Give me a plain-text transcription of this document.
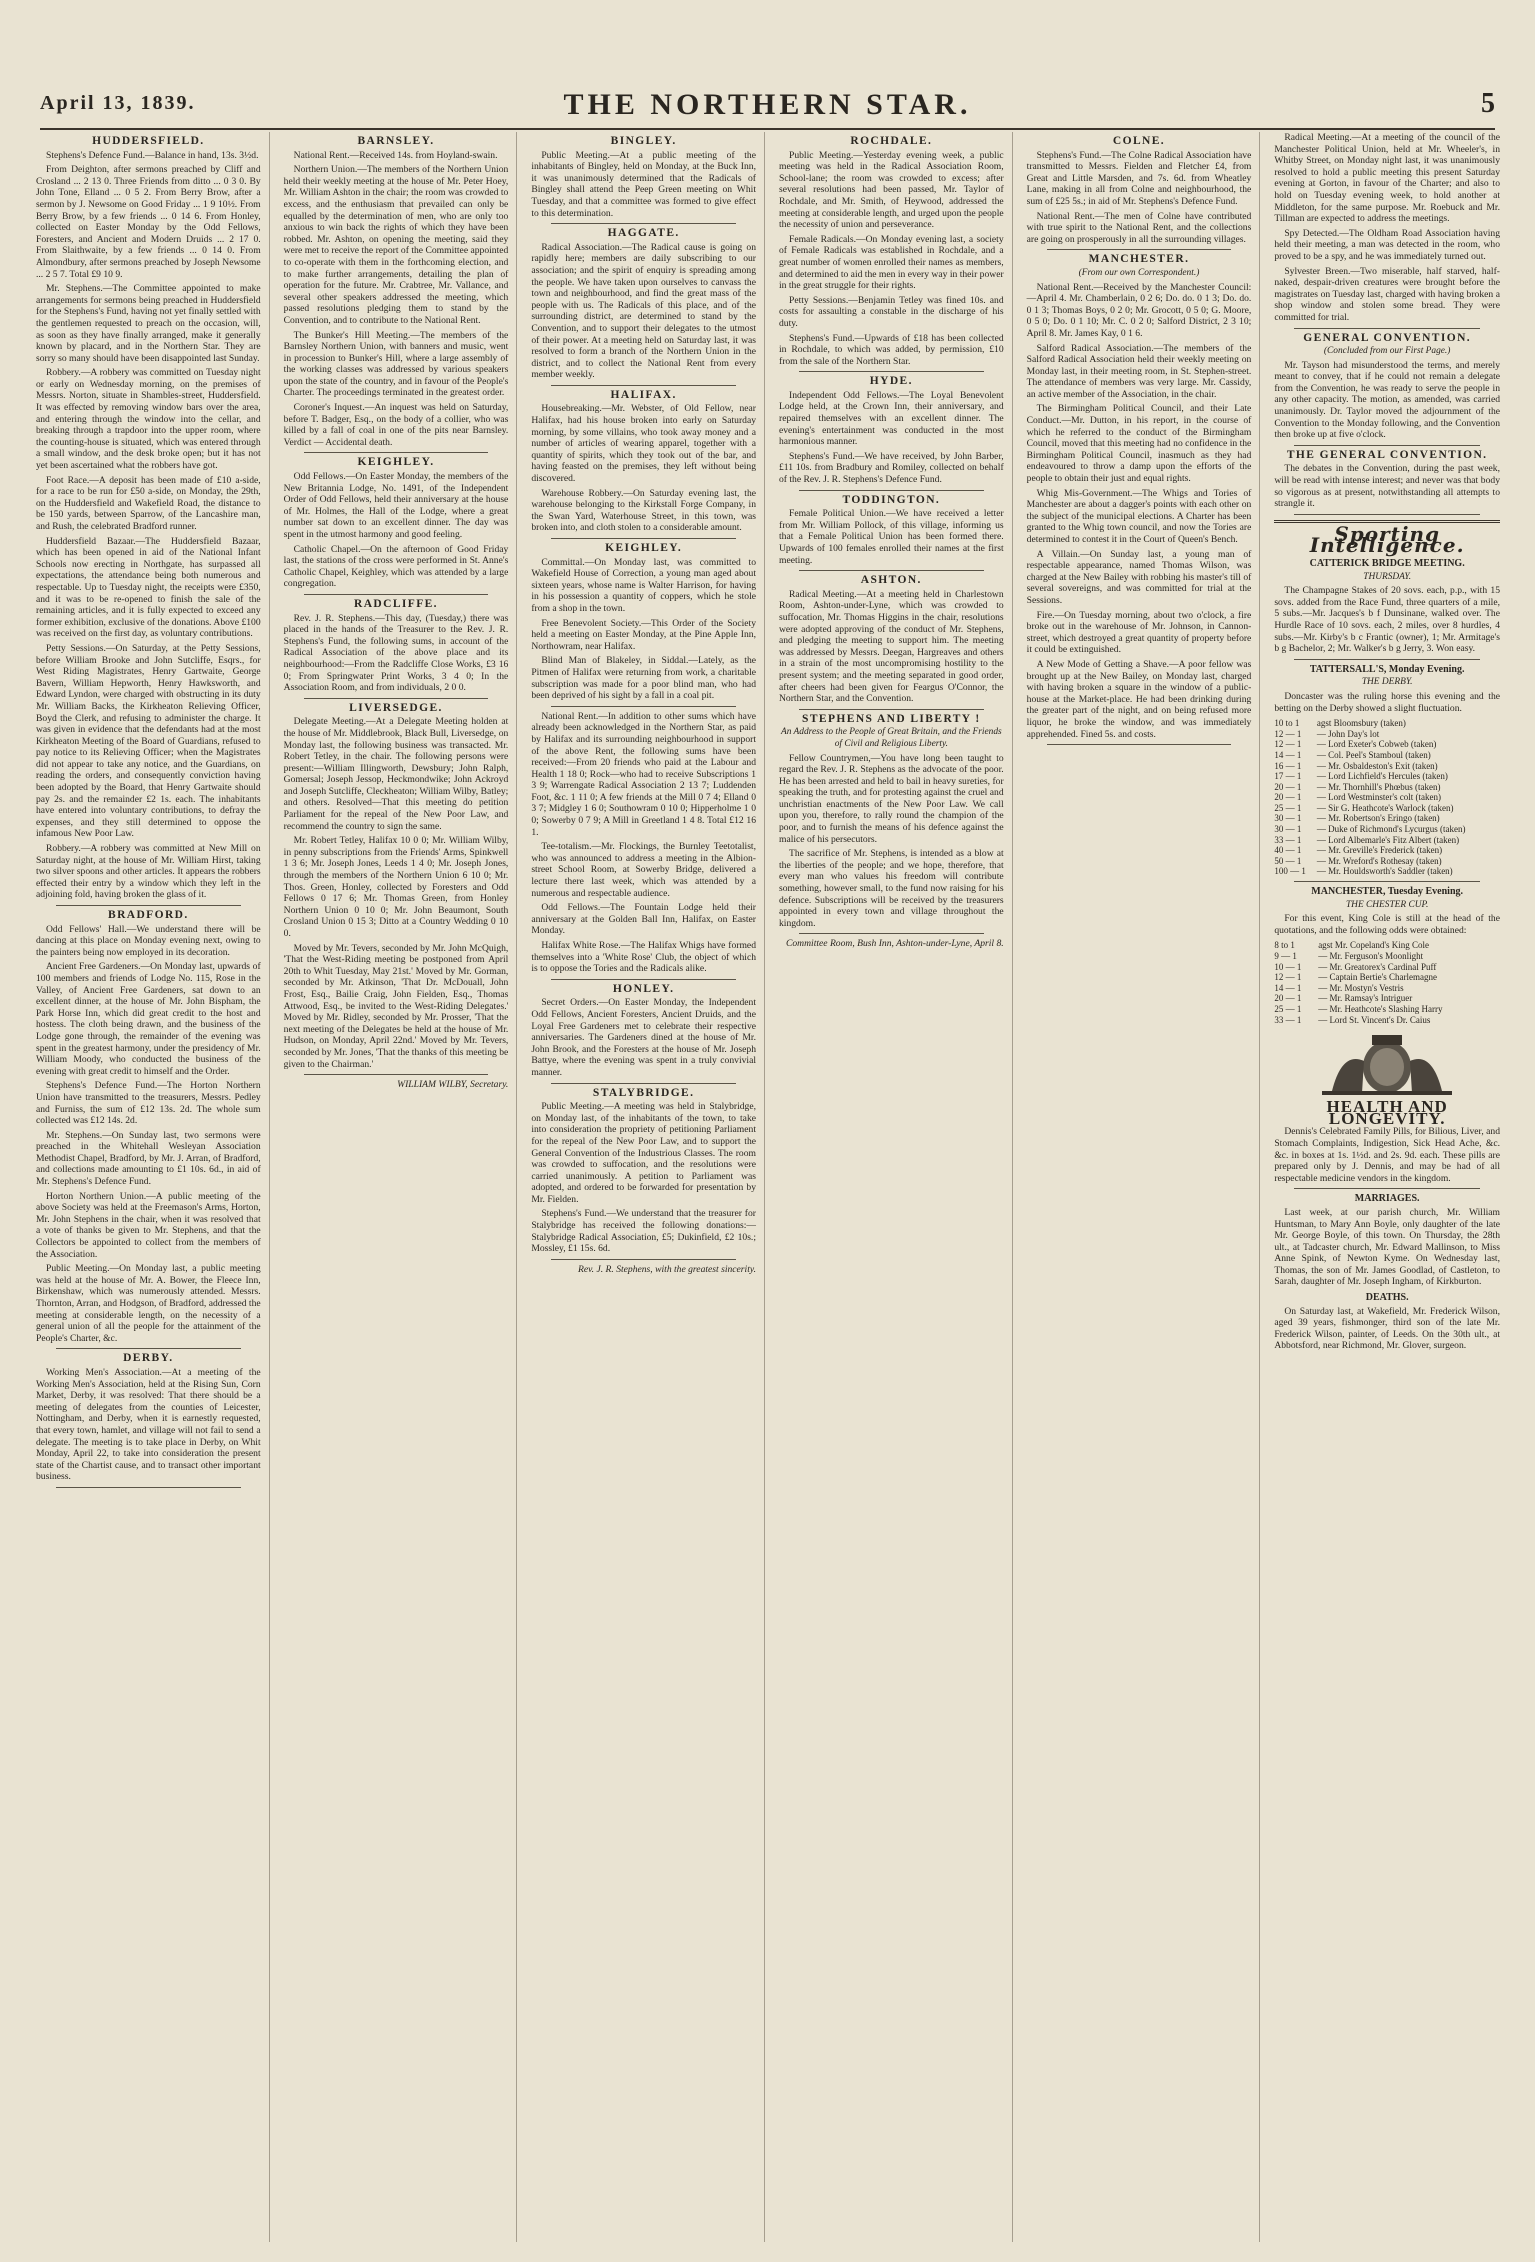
April 13, 1839.	THE NORTHERN STAR.	5
HUDDERSFIELD.

Stephens's Defence Fund.—Balance in hand, 13s. 3½d.

From Deighton, after sermons preached by Cliff and Crosland ... 2 13 0. Three Friends from ditto ... 0 3 0. By John Tone, Elland ... 0 5 2. From Berry Brow, after a sermon by J. Newsome on Good Friday ... 1 9 10½. From Berry Brow, by a few friends ... 0 14 6. From Honley, collected on Easter Monday by the Odd Fellows, Foresters, and Ancient and Modern Druids ... 2 17 0. From Slaithwaite, by a few friends ... 0 14 0. From Almondbury, after sermons preached by Joseph Newsome ... 2 5 7. Total £9 10 9.

Mr. Stephens.—The Committee appointed to make arrangements for sermons being preached in Huddersfield for the Stephens's Fund, having not yet finally settled with the gentlemen requested to preach on the occasion, will, as soon as they have finally arranged, make it generally known by placard, and in the Northern Star. They are sorry so many should have been disappointed last Sunday.

Robbery.—A robbery was committed on Tuesday night or early on Wednesday morning, on the premises of Messrs. Norton, situate in Shambles-street, Huddersfield. It was effected by removing window bars over the area, and entering through the window into the cellar, and breaking through a trapdoor into the upper room, where the counting-house is situated, which was entered through a small window, and the desk broke open; but it has not yet been ascertained what the robbers have got.

Foot Race.—A deposit has been made of £10 a-side, for a race to be run for £50 a-side, on Monday, the 29th, on the Huddersfield and Wakefield Road, the distance to be 150 yards, between Sparrow, of the Lancashire man, and Rush, the celebrated Bradford runner.

Huddersfield Bazaar.—The Huddersfield Bazaar, which has been opened in aid of the National Infant Schools now erecting in Northgate, has surpassed all expectations, the attendance being both numerous and respectable. Up to Tuesday night, the receipts were £350, and it was to be re-opened to finish the sale of the remaining articles, and it is fully expected to exceed any former exhibition, exclusive of the donations. Above £100 was received on the first day, as voluntary contributions.

Petty Sessions.—On Saturday, at the Petty Sessions, before William Brooke and John Sutcliffe, Esqrs., for West Riding Magistrates, Henry Gartwaite, George Bavern, William Hepworth, Henry Hawksworth, and Edward Lyndon, were charged with obstructing in its duty Mr. William Backs, the Kirkheaton Relieving Officer, Boyd the Clerk, and refusing to administer the charge. It was given in evidence that the defendants had at the most Kirkheaton Meeting of the Board of Guardians, refused to pay notice to its Relieving Officer; when the Magistrates did not appear to take any notice, and the Guardians, on reading the orders, and consequently conviction having been adopted by the Board, that Henry Gartwaite should pay 2s. and the remainder £2 1s. each. The inhabitants have entered into voluntary contributions, to defray the expenses, and they still determined to oppose the infamous New Poor Law.

Robbery.—A robbery was committed at New Mill on Saturday night, at the house of Mr. William Hirst, taking two silver spoons and other articles. It appears the robbers effected their entry by a window which they left in the adjoining fold, having broken the glass of it.

BRADFORD.

Odd Fellows' Hall.—We understand there will be dancing at this place on Monday evening next, owing to the painters being now employed in its decoration.

Ancient Free Gardeners.—On Monday last, upwards of 100 members and friends of Lodge No. 115, Rose in the Valley, of Ancient Free Gardeners, sat down to an excellent dinner, at the house of Mr. John Bispham, the Park Horse Inn, which did great credit to the host and hostess. The cloth being drawn, and the business of the Lodge gone through, the remainder of the evening was spent in the greatest harmony, under the presidency of Mr. William Moody, who conducted the business of the evening with great credit to himself and the Order.

Stephens's Defence Fund.—The Horton Northern Union have transmitted to the treasurers, Messrs. Pedley and Furniss, the sum of £12 13s. 2d. The whole sum collected was £12 14s. 2d.

Mr. Stephens.—On Sunday last, two sermons were preached in the Whitehall Wesleyan Association Methodist Chapel, Bradford, by Mr. J. Arran, of Bradford, and collections made amounting to £1 10s. 6d., in aid of Mr. Stephens's Defence Fund.

Horton Northern Union.—A public meeting of the above Society was held at the Freemason's Arms, Horton, Mr. John Stephens in the chair, when it was resolved that a vote of thanks be given to Mr. Stephens, and that the Collectors be appointed to collect from the members of the Association.

Public Meeting.—On Monday last, a public meeting was held at the house of Mr. A. Bower, the Fleece Inn, Birkenshaw, which was numerously attended. Messrs. Thornton, Arran, and Hodgson, of Bradford, addressed the meeting at considerable length, on the necessity of a general union of all the people for the attainment of the People's Charter, &c.

DERBY.

Working Men's Association.—At a meeting of the Working Men's Association, held at the Rising Sun, Corn Market, Derby, it was resolved: That there should be a meeting of delegates from the counties of Leicester, Nottingham, and Derby, when it is earnestly requested, that every town, hamlet, and village will not fail to send a delegate. The meeting is to take place in Derby, on Whit Monday, April 22, to take into consideration the present state of the Chartist cause, and to transact other important business.

BARNSLEY.

National Rent.—Received 14s. from Hoyland-swain.

Northern Union.—The members of the Northern Union held their weekly meeting at the house of Mr. Peter Hoey, Mr. William Ashton in the chair; the room was crowded to excess, and the enthusiasm that prevailed can only be equalled by the determination of men, who are only too anxious to win back the rights of which they have been robbed. Mr. Ashton, on opening the meeting, said they were met to receive the report of the Committee appointed to co-operate with them in the forthcoming election, and to make further arrangements, detailing the plan of operation for the future. Mr. Crabtree, Mr. Vallance, and several other speakers addressed the meeting, which passed resolutions pledging them to stand by the Convention, and to contribute to the National Rent.

The Bunker's Hill Meeting.—The members of the Barnsley Northern Union, with banners and music, went in procession to Bunker's Hill, where a large assembly of the working classes was addressed by various speakers upon the state of the country, and in favour of the People's Charter. The proceedings terminated in the greatest order.

Coroner's Inquest.—An inquest was held on Saturday, before T. Badger, Esq., on the body of a collier, who was killed by a fall of coal in one of the pits near Barnsley. Verdict — Accidental death.

KEIGHLEY.

Odd Fellows.—On Easter Monday, the members of the New Britannia Lodge, No. 1491, of the Independent Order of Odd Fellows, held their anniversary at the house of Mr. Holmes, the Hall of the Lodge, where a great number sat down to an excellent dinner. The day was spent in the utmost harmony and good feeling.

Catholic Chapel.—On the afternoon of Good Friday last, the stations of the cross were performed in St. Anne's Catholic Chapel, Keighley, which was attended by a large congregation.

RADCLIFFE.

Rev. J. R. Stephens.—This day, (Tuesday,) there was placed in the hands of the Treasurer to the Rev. J. R. Stephens's Fund, the following sums, in account of the Radical Association of the above place and its neighbourhood:—From the Radcliffe Close Works, £3 16 0; From Springwater Print Works, 3 4 0; In the Association Room, and from individuals, 2 0 0.

LIVERSEDGE.

Delegate Meeting.—At a Delegate Meeting holden at the house of Mr. Middlebrook, Black Bull, Liversedge, on Monday last, the following business was transacted. Mr. Robert Tetley, in the chair. The following persons were present:—William Illingworth, Dewsbury; John Ralph, Gomersal; Joseph Jessop, Heckmondwike; John Ackroyd and Joseph Sutcliffe, Cleckheaton; William Wilby, Batley; and others. Resolved—That this meeting do petition Parliament for the repeal of the New Poor Law, and recommend the country to sign the same.

Mr. Robert Tetley, Halifax 10 0 0; Mr. William Wilby, in penny subscriptions from the Friends' Arms, Spinkwell 1 3 6; Mr. Joseph Jones, Leeds 1 4 0; Mr. Joseph Jones, through the members of the Northern Union 6 10 0; Mr. Thos. Green, Honley, collected by Foresters and Odd Fellows 0 17 6; Mr. Thomas Green, from Honley Northern Union 0 10 0; Mr. John Beaumont, South Crosland Union 0 15 3; Ditto at a Country Wedding 0 10 0.

Moved by Mr. Tevers, seconded by Mr. John McQuigh, 'That the West-Riding meeting be postponed from April 20th to Whit Tuesday, May 21st.' Moved by Mr. Gorman, seconded by Mr. Atkinson, 'That Dr. McDouall, John Frost, Esq., Bailie Craig, John Fielden, Esq., Thomas Attwood, Esq., be invited to the West-Riding Delegates.' Moved by Mr. Ridley, seconded by Mr. Prosser, 'That the next meeting of the Delegates be held at the house of Mr. Hudson, on Monday, April 22nd.' Moved by Mr. Tevers, seconded by Mr. Jones, 'That the thanks of this meeting be given to the Chairman.'

WILLIAM WILBY, Secretary.
BINGLEY.

Public Meeting.—At a public meeting of the inhabitants of Bingley, held on Monday, at the Buck Inn, it was unanimously determined that the Radicals of Bingley shall attend the Peep Green meeting on Whit Tuesday, and that a committee was formed to give effect to this determination.

HAGGATE.

Radical Association.—The Radical cause is going on rapidly here; members are daily subscribing to our association; and the spirit of enquiry is spreading among the people. We have taken upon ourselves to canvass the town and neighbourhood, and find the great mass of the people with us. The Radicals of this place, and of the surrounding district, are determined to stand by the Convention, and to support their delegates to the utmost of their power. At a meeting held on Saturday last, it was resolved to form a branch of the Northern Union in the district, and to collect the National Rent from every member weekly.

HALIFAX.

Housebreaking.—Mr. Webster, of Old Fellow, near Halifax, had his house broken into early on Saturday morning, by some villains, who took away money and a number of articles of wearing apparel, together with a quantity of spirits, which they took out of the bar, and having feasted on the premises, they left without being discovered.

Warehouse Robbery.—On Saturday evening last, the warehouse belonging to the Kirkstall Forge Company, in the Swan Yard, Waterhouse Street, in this town, was broken into, and cloth stolen to a considerable amount.

KEIGHLEY.

Committal.—On Monday last, was committed to Wakefield House of Correction, a young man aged about sixteen years, whose name is Walter Harrison, for having in his possession a quantity of coppers, which he stole from a shop in the town.

Free Benevolent Society.—This Order of the Society held a meeting on Easter Monday, at the Pine Apple Inn, Northowram, near Halifax.

Blind Man of Blakeley, in Siddal.—Lately, as the Pitmen of Halifax were returning from work, a charitable subscription was made for a poor blind man, who had been deprived of his sight by a fall in a coal pit.

National Rent.—In addition to other sums which have already been acknowledged in the Northern Star, as paid by Halifax and its surrounding neighbourhood in support of the above Rent, the following sums have been received:—From 20 friends who paid at the Labour and Health 1 18 0; Rock—who had to receive Subscriptions 1 3 9; Warrengate Radical Association 2 13 7; Luddenden Foot, &c. 1 11 0; A few friends at the Mill 0 7 4; Elland 0 3 7; Midgley 1 6 0; Southowram 0 10 0; Hipperholme 1 0 0; Sowerby 0 7 9; A Mill in Greetland 1 4 8. Total £12 16 1.

Tee-totalism.—Mr. Flockings, the Burnley Teetotalist, who was announced to address a meeting in the Albion-street School Room, at Sowerby Bridge, delivered a lecture there last week, which was attended by a numerous and respectable audience.

Odd Fellows.—The Fountain Lodge held their anniversary at the Golden Ball Inn, Halifax, on Easter Monday.

Halifax White Rose.—The Halifax Whigs have formed themselves into a 'White Rose' Club, the object of which is to oppose the Tories and the Radicals alike.

HONLEY.

Secret Orders.—On Easter Monday, the Independent Odd Fellows, Ancient Foresters, Ancient Druids, and the Loyal Free Gardeners met to celebrate their respective anniversaries. The Gardeners dined at the house of Mr. John Brook, and the Foresters at the house of Mr. Joseph Battye, where the evening was spent in a truly convivial manner.

STALYBRIDGE.

Public Meeting.—A meeting was held in Stalybridge, on Monday last, of the inhabitants of the town, to take into consideration the propriety of petitioning Parliament for the repeal of the New Poor Law, and to support the General Convention of the Industrious Classes. The room was crowded to suffocation, and the resolutions were carried unanimously. A petition to Parliament was adopted, and ordered to be forwarded for presentation by Mr. Fielden.

Stephens's Fund.—We understand that the treasurer for Stalybridge has received the following donations:—Stalybridge Radical Association, £5; Dukinfield, £2 10s.; Mossley, £1 15s. 6d.

Rev. J. R. Stephens, with the greatest sincerity.
ROCHDALE.

Public Meeting.—Yesterday evening week, a public meeting was held in the Radical Association Room, School-lane; the room was crowded to excess; after several resolutions had been passed, Mr. Taylor of Rochdale, and Mr. Smith, of Heywood, addressed the meeting at considerable length, and urged upon the people the necessity of union and perseverance.

Female Radicals.—On Monday evening last, a society of Female Radicals was established in Rochdale, and a great number of women enrolled their names as members, and determined to aid the men in every way in their power in the great struggle for their rights.

Petty Sessions.—Benjamin Tetley was fined 10s. and costs for assaulting a constable in the discharge of his duty.

Stephens's Fund.—Upwards of £18 has been collected in Rochdale, to which was added, by permission, £10 from the sale of the Northern Star.

HYDE.

Independent Odd Fellows.—The Loyal Benevolent Lodge held, at the Crown Inn, their anniversary, and repaired themselves with an excellent dinner. The evening's entertainment was conducted in the most harmonious manner.

Stephens's Fund.—We have received, by John Barber, £11 10s. from Bradbury and Romiley, collected on behalf of the Rev. J. R. Stephens's Defence Fund.

TODDINGTON.

Female Political Union.—We have received a letter from Mr. William Pollock, of this village, informing us that a Female Political Union has been formed there. Upwards of 100 females enrolled their names at the first meeting.

ASHTON.

Radical Meeting.—At a meeting held in Charlestown Room, Ashton-under-Lyne, which was crowded to suffocation, Mr. Thomas Higgins in the chair, resolutions were adopted approving of the conduct of Mr. Stephens, and pledging the meeting to support him. The meeting was addressed by Messrs. Deegan, Hargreaves and others in a strain of the most uncompromising hostility to the present system; and the meeting separated in good order, after cheers had been given for Feargus O'Connor, the Northern Star, and the Convention.

STEPHENS AND LIBERTY !
An Address to the People of Great Britain, and the Friends of Civil and Religious Liberty.

Fellow Countrymen,—You have long been taught to regard the Rev. J. R. Stephens as the advocate of the poor. He has been arrested and held to bail in heavy sureties, for speaking the truth, and for protesting against the cruel and unchristian enactments of the New Poor Law. We call upon you, therefore, to rally round the champion of the poor, and to furnish the means of his defence against the malice of his persecutors.

The sacrifice of Mr. Stephens, is intended as a blow at the liberties of the people; and we hope, therefore, that every man who values his freedom will contribute something, however small, to the fund now raising for his defence. Subscriptions will be received by the treasurers appointed in every town and village throughout the kingdom.

Committee Room, Bush Inn, Ashton-under-Lyne, April 8.
COLNE.

Stephens's Fund.—The Colne Radical Association have transmitted to Messrs. Fielden and Fletcher £4, from Great and Little Marsden, and 7s. 6d. from Wheatley Lane, making in all from Colne and neighbourhood, the sum of £25 5s.; in aid of Mr. Stephens's Defence Fund.

National Rent.—The men of Colne have contributed with true spirit to the National Rent, and the collections are going on prosperously in all the surrounding villages.

MANCHESTER.
(From our own Correspondent.)

National Rent.—Received by the Manchester Council:—April 4. Mr. Chamberlain, 0 2 6; Do. do. 0 1 3; Do. do. 0 1 3; Thomas Boys, 0 2 0; Mr. Grocott, 0 5 0; G. Moore, 0 5 0; Do. 0 1 10; Mr. C. 0 2 0; Salford District, 2 3 10; April 8. Mr. James Kay, 0 1 6.

Salford Radical Association.—The members of the Salford Radical Association held their weekly meeting on Monday last, in their meeting room, in St. Stephen-street. The attendance of members was very large. Mr. Cassidy, an active member of the Association, in the chair.

The Birmingham Political Council, and their Late Conduct.—Mr. Dutton, in his report, in the course of which he referred to the conduct of the Birmingham Council, moved that this meeting had no confidence in the Birmingham Political Council, inasmuch as they had endeavoured to throw a damp upon the efforts of the people to obtain their just and equal rights.

Whig Mis-Government.—The Whigs and Tories of Manchester are about a dagger's points with each other on the subject of the municipal elections. A Charter has been granted to the Whig town council, and now the Tories are determined to contest it in the Court of Queen's Bench.

A Villain.—On Sunday last, a young man of respectable appearance, named Thomas Wilson, was charged at the New Bailey with robbing his master's till of several sovereigns, and was committed for trial at the Sessions.

Fire.—On Tuesday morning, about two o'clock, a fire broke out in the warehouse of Mr. Johnson, in Cannon-street, which destroyed a great quantity of property before it could be extinguished.

A New Mode of Getting a Shave.—A poor fellow was brought up at the New Bailey, on Monday last, charged with having broken a square in the window of a public-house at the Market-place. He had been drinking during the greater part of the night, and on being refused more liquor, he broke the window, and was immediately apprehended. Fined 5s. and costs.

Radical Meeting.—At a meeting of the council of the Manchester Political Union, held at Mr. Wheeler's, in Whitby Street, on Monday night last, it was unanimously resolved to hold a public meeting this present Saturday evening at Gorton, in favour of the Charter; and also to hold on Tuesday evening week, to hold another at Middleton, for the same purpose. Mr. Roebuck and Mr. Tillman are expected to address the meetings.

Spy Detected.—The Oldham Road Association having held their meeting, a man was detected in the room, who proved to be a spy, and he was immediately turned out.

Sylvester Breen.—Two miserable, half starved, half-naked, despair-driven creatures were brought before the magistrates on Tuesday last, charged with having broken a shop window and stolen some bread. They were committed for trial.

GENERAL CONVENTION.
(Concluded from our First Page.)

Mr. Tayson had misunderstood the terms, and merely meant to convey, that if he could not remain a delegate from the Convention, he was ready to serve the people in any other capacity. The motion, as amended, was carried unanimously. Dr. Taylor moved the adjournment of the Convention to the Monday following, and the Convention then broke up at five o'clock.

THE GENERAL CONVENTION.

The debates in the Convention, during the past week, will be read with intense interest; and never was that body so vigorous as at present, notwithstanding all attempts to strangle it.

Sporting Intelligence.
CATTERICK BRIDGE MEETING.
THURSDAY.

The Champagne Stakes of 20 sovs. each, p.p., with 15 sovs. added from the Race Fund, three quarters of a mile, 5 subs.—Mr. Jacques's b f Dunsinane, walked over. The Hurdle Race of 10 sovs. each, 2 miles, over 8 hurdles, 4 subs.—Mr. Kirby's b c Frantic (owner), 1; Mr. Armitage's b g Bachelor, 2; Mr. Walker's b g Jerry, 3. Won easy.

TATTERSALL'S, Monday Evening.
THE DERBY.

Doncaster was the ruling horse this evening and the betting on the Derby showed a slight fluctuation.

10 to 1	agst Bloomsbury (taken)
12 — 1	— John Day's lot
12 — 1	— Lord Exeter's Cobweb (taken)
14 — 1	— Col. Peel's Stamboul (taken)
16 — 1	— Mr. Osbaldeston's Exit (taken)
17 — 1	— Lord Lichfield's Hercules (taken)
20 — 1	— Mr. Thornhill's Phœbus (taken)
20 — 1	— Lord Westminster's colt (taken)
25 — 1	— Sir G. Heathcote's Warlock (taken)
30 — 1	— Mr. Robertson's Eringo (taken)
30 — 1	— Duke of Richmond's Lycurgus (taken)
33 — 1	— Lord Albemarle's Fitz Albert (taken)
40 — 1	— Mr. Greville's Frederick (taken)
50 — 1	— Mr. Wreford's Rothesay (taken)
100 — 1	— Mr. Houldsworth's Saddler (taken)
MANCHESTER, Tuesday Evening.
THE CHESTER CUP.

For this event, King Cole is still at the head of the quotations, and the following odds were obtained:

8 to 1	agst Mr. Copeland's King Cole
9 — 1	— Mr. Ferguson's Moonlight
10 — 1	— Mr. Greatorex's Cardinal Puff
12 — 1	— Captain Bertie's Charlemagne
14 — 1	— Mr. Mostyn's Vestris
20 — 1	— Mr. Ramsay's Intriguer
25 — 1	— Mr. Heathcote's Slashing Harry
33 — 1	— Lord St. Vincent's Dr. Caius
HEALTH AND LONGEVITY.

Dennis's Celebrated Family Pills, for Bilious, Liver, and Stomach Complaints, Indigestion, Sick Head Ache, &c. &c. in boxes at 1s. 1½d. and 2s. 9d. each. These pills are prepared only by J. Dennis, and may be had of all respectable medicine vendors in the kingdom.

MARRIAGES.

Last week, at our parish church, Mr. William Huntsman, to Mary Ann Boyle, only daughter of the late Mr. George Boyle, of this town. On Thursday, the 28th ult., at Tadcaster church, Mr. Edward Mallinson, to Miss Anne Spink, of Newton Kyme. On Wednesday last, Thomas, the son of Mr. James Goodlad, of Castleton, to Sarah, daughter of Mr. Joseph Ingham, of Kirkburton.

DEATHS.

On Saturday last, at Wakefield, Mr. Frederick Wilson, aged 39 years, fishmonger, third son of the late Mr. Frederick Wilson, painter, of Leeds. On the 30th ult., at Abbotsford, near Richmond, Mr. Glover, surgeon.
